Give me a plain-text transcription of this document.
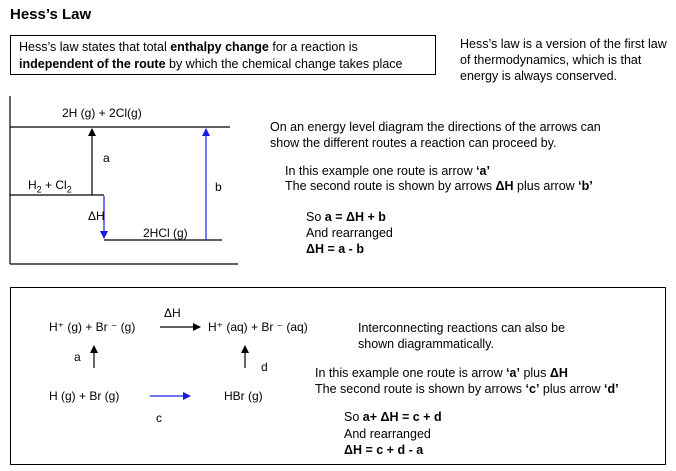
Hess’s Law
Hess’s law states that total enthalpy change for a reaction is independent of the route by which the chemical change takes place
Hess’s law is a version of the first law of thermodynamics, which is that energy is always conserved.
2H (g) + 2Cl(g)
$H_2 + Cl_2$
2HCl (g)
a
b
ΔH
On an energy level diagram the directions of the arrows can
show the different routes a reaction can proceed by.
In this example one route is arrow ‘a’
The second route is shown by arrows ΔH plus arrow ‘b’
So a = ΔH + b
And rearranged
ΔH = a - b
H⁺ (g) + Br ⁻ (g)	H⁺ (aq) + Br ⁻ (aq)
H (g) + Br (g)	HBr (g)
ΔH
a
c
d
Interconnecting reactions can also be
shown diagrammatically.
In this example one route is arrow ‘a’ plus ΔH
The second route is shown by arrows ‘c’ plus arrow ‘d’
So a+ ΔH = c + d
And rearranged
ΔH = c + d - a
